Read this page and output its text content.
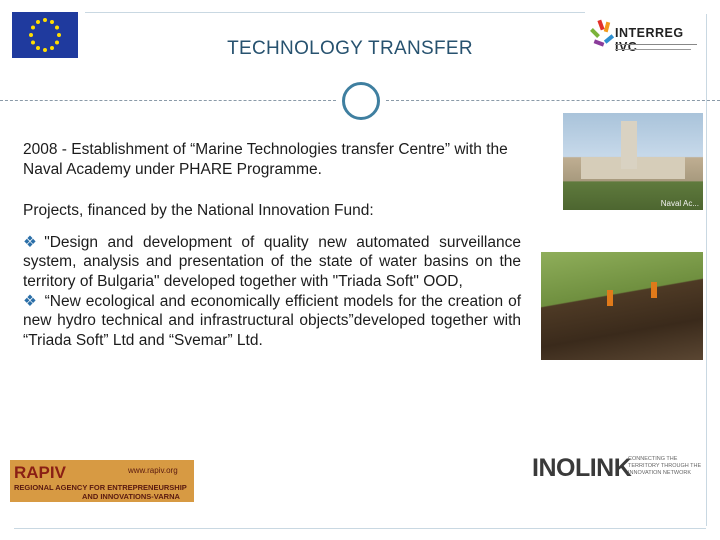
TECHNOLOGY TRANSFER
INTERREG IVC

2008 - Establishment of “Marine Technologies transfer Centre” with the Naval Academy under PHARE Programme.

Projects, financed by the National Innovation Fund:

❖ "Design and development of quality new automated surveillance system, analysis and presentation of the state of water basins on the territory of Bulgaria" developed together with "Triada Soft" OOD,

❖ “New ecological and economically efficient models for the creation of new hydro technical and infrastructural objects”developed together with “Triada Soft” Ltd and “Svemar” Ltd.

Naval Ac...
RAPIV	www.rapiv.org
REGIONAL AGENCY FOR ENTREPRENEURSHIP
AND INNOVATIONS-VARNA
INOLINK
CONNECTING THE TERRITORY THROUGH THE INNOVATION NETWORK
